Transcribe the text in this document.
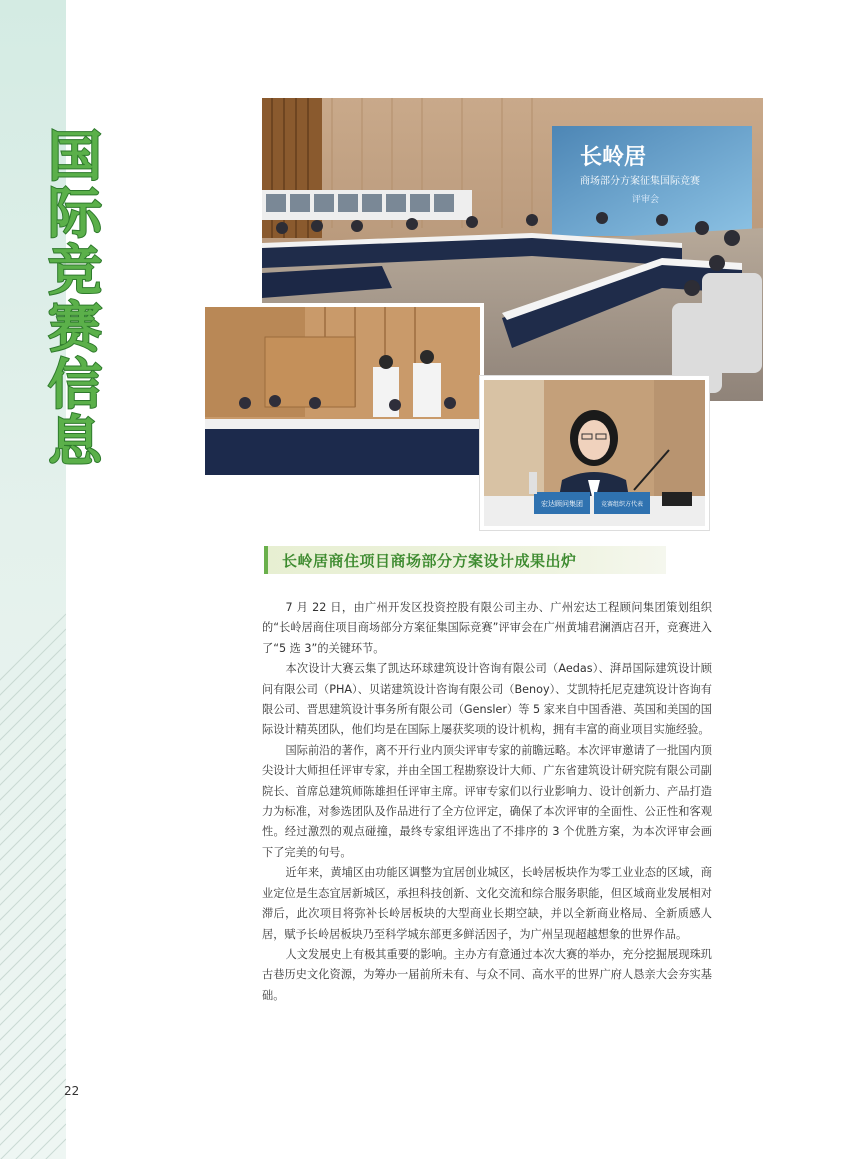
国
际
竞
赛
信
息
长岭居
商场部分方案征集国际竞赛
评审会
宏达顾问集团	竞赛组织方代表
长岭居商住项目商场部分方案设计成果出炉

7 月 22 日，由广州开发区投资控股有限公司主办、广州宏达工程顾问集团策划组织的“长岭居商住项目商场部分方案征集国际竞赛”评审会在广州黄埔君澜酒店召开，竞赛进入了“5 选 3”的关键环节。

本次设计大赛云集了凯达环球建筑设计咨询有限公司（Aedas）、湃昂国际建筑设计顾问有限公司（PHA）、贝诺建筑设计咨询有限公司（Benoy）、艾凯特托尼克建筑设计咨询有限公司、晋思建筑设计事务所有限公司（Gensler）等 5 家来自中国香港、英国和美国的国际设计精英团队，他们均是在国际上屡获奖项的设计机构，拥有丰富的商业项目实施经验。

国际前沿的著作，离不开行业内顶尖评审专家的前瞻远略。本次评审邀请了一批国内顶尖设计大师担任评审专家，并由全国工程勘察设计大师、广东省建筑设计研究院有限公司副院长、首席总建筑师陈雄担任评审主席。评审专家们以行业影响力、设计创新力、产品打造力为标准，对参选团队及作品进行了全方位评定，确保了本次评审的全面性、公正性和客观性。经过激烈的观点碰撞，最终专家组评选出了不排序的 3 个优胜方案，为本次评审会画下了完美的句号。

近年来，黄埔区由功能区调整为宜居创业城区，长岭居板块作为零工业业态的区域，商业定位是生态宜居新城区，承担科技创新、文化交流和综合服务职能，但区域商业发展相对滞后，此次项目将弥补长岭居板块的大型商业长期空缺，并以全新商业格局、全新质感人居，赋予长岭居板块乃至科学城东部更多鲜活因子，为广州呈现超越想象的世界作品。

人文发展史上有极其重要的影响。主办方有意通过本次大赛的举办，充分挖掘展现珠玑古巷历史文化资源，为筹办一届前所未有、与众不同、高水平的世界广府人恳亲大会夯实基础。

22
